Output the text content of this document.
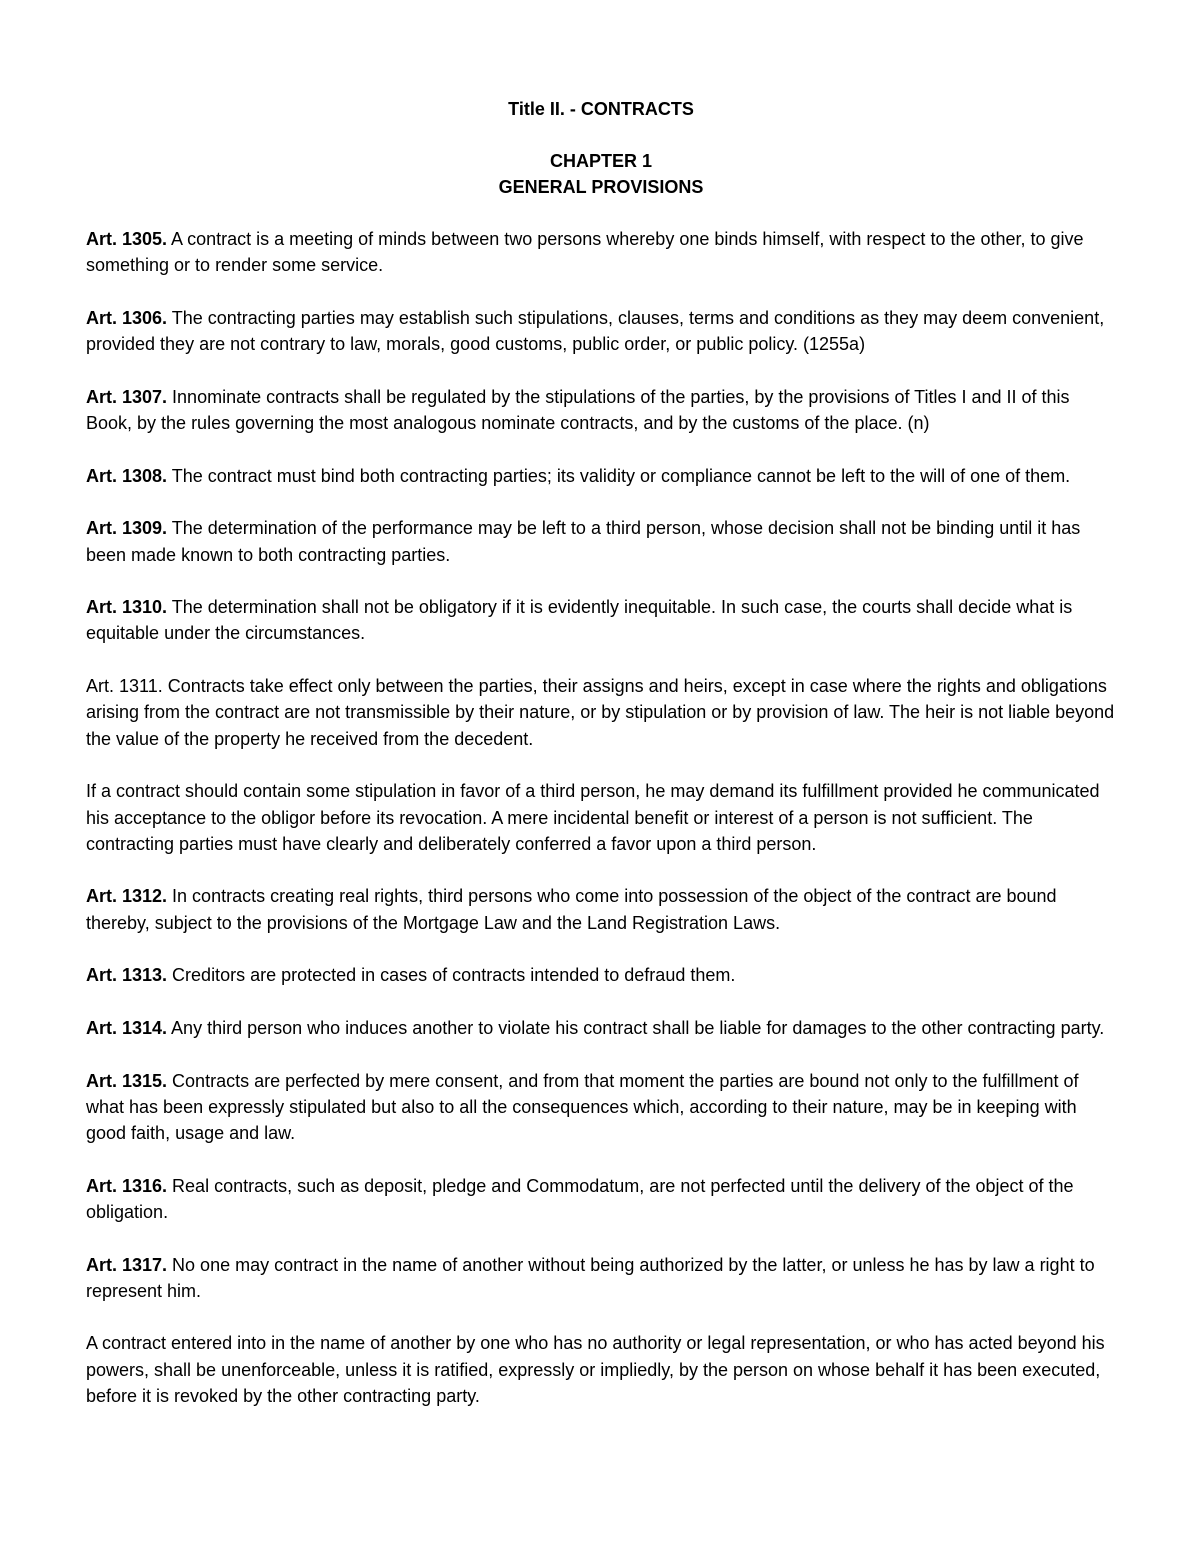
Title II. - CONTRACTS
CHAPTER 1
GENERAL PROVISIONS

Art. 1305. A contract is a meeting of minds between two persons whereby one binds himself, with respect to the other, to give something or to render some service.

Art. 1306. The contracting parties may establish such stipulations, clauses, terms and conditions as they may deem convenient, provided they are not contrary to law, morals, good customs, public order, or public policy. (1255a)

Art. 1307. Innominate contracts shall be regulated by the stipulations of the parties, by the provisions of Titles I and II of this Book, by the rules governing the most analogous nominate contracts, and by the customs of the place. (n)

Art. 1308. The contract must bind both contracting parties; its validity or compliance cannot be left to the will of one of them.

Art. 1309. The determination of the performance may be left to a third person, whose decision shall not be binding until it has been made known to both contracting parties.

Art. 1310. The determination shall not be obligatory if it is evidently inequitable. In such case, the courts shall decide what is equitable under the circumstances.

Art. 1311. Contracts take effect only between the parties, their assigns and heirs, except in case where the rights and obligations arising from the contract are not transmissible by their nature, or by stipulation or by provision of law. The heir is not liable beyond the value of the property he received from the decedent.

If a contract should contain some stipulation in favor of a third person, he may demand its fulfillment provided he communicated his acceptance to the obligor before its revocation. A mere incidental benefit or interest of a person is not sufficient. The contracting parties must have clearly and deliberately conferred a favor upon a third person.

Art. 1312. In contracts creating real rights, third persons who come into possession of the object of the contract are bound thereby, subject to the provisions of the Mortgage Law and the Land Registration Laws.

Art. 1313. Creditors are protected in cases of contracts intended to defraud them.

Art. 1314. Any third person who induces another to violate his contract shall be liable for damages to the other contracting party.

Art. 1315. Contracts are perfected by mere consent, and from that moment the parties are bound not only to the fulfillment of what has been expressly stipulated but also to all the consequences which, according to their nature, may be in keeping with good faith, usage and law.

Art. 1316. Real contracts, such as deposit, pledge and Commodatum, are not perfected until the delivery of the object of the obligation.

Art. 1317. No one may contract in the name of another without being authorized by the latter, or unless he has by law a right to represent him.

A contract entered into in the name of another by one who has no authority or legal representation, or who has acted beyond his powers, shall be unenforceable, unless it is ratified, expressly or impliedly, by the person on whose behalf it has been executed, before it is revoked by the other contracting party.
